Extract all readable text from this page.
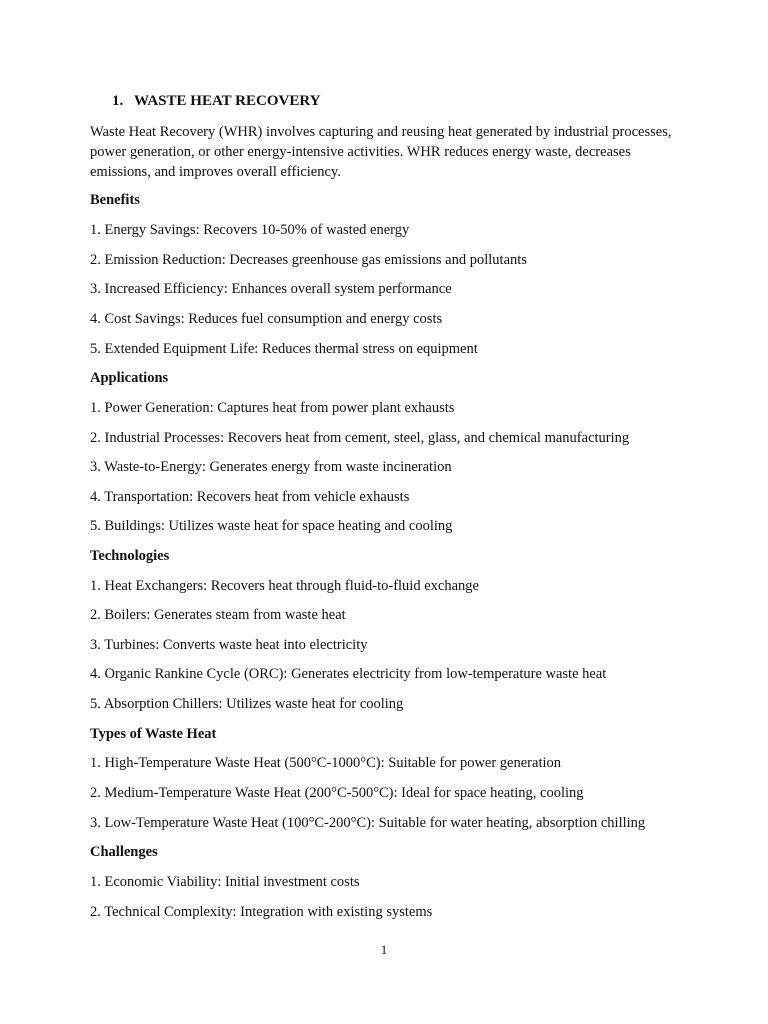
1. WASTE HEAT RECOVERY

Waste Heat Recovery (WHR) involves capturing and reusing heat generated by industrial processes, power generation, or other energy-intensive activities. WHR reduces energy waste, decreases emissions, and improves overall efficiency.

Benefits
1. Energy Savings: Recovers 10-50% of wasted energy
2. Emission Reduction: Decreases greenhouse gas emissions and pollutants
3. Increased Efficiency: Enhances overall system performance
4. Cost Savings: Reduces fuel consumption and energy costs
5. Extended Equipment Life: Reduces thermal stress on equipment
Applications
1. Power Generation: Captures heat from power plant exhausts
2. Industrial Processes: Recovers heat from cement, steel, glass, and chemical manufacturing
3. Waste-to-Energy: Generates energy from waste incineration
4. Transportation: Recovers heat from vehicle exhausts
5. Buildings: Utilizes waste heat for space heating and cooling
Technologies
1. Heat Exchangers: Recovers heat through fluid-to-fluid exchange
2. Boilers: Generates steam from waste heat
3. Turbines: Converts waste heat into electricity
4. Organic Rankine Cycle (ORC): Generates electricity from low-temperature waste heat
5. Absorption Chillers: Utilizes waste heat for cooling
Types of Waste Heat
1. High-Temperature Waste Heat (500°C-1000°C): Suitable for power generation
2. Medium-Temperature Waste Heat (200°C-500°C): Ideal for space heating, cooling
3. Low-Temperature Waste Heat (100°C-200°C): Suitable for water heating, absorption chilling
Challenges
1. Economic Viability: Initial investment costs
2. Technical Complexity: Integration with existing systems
1
